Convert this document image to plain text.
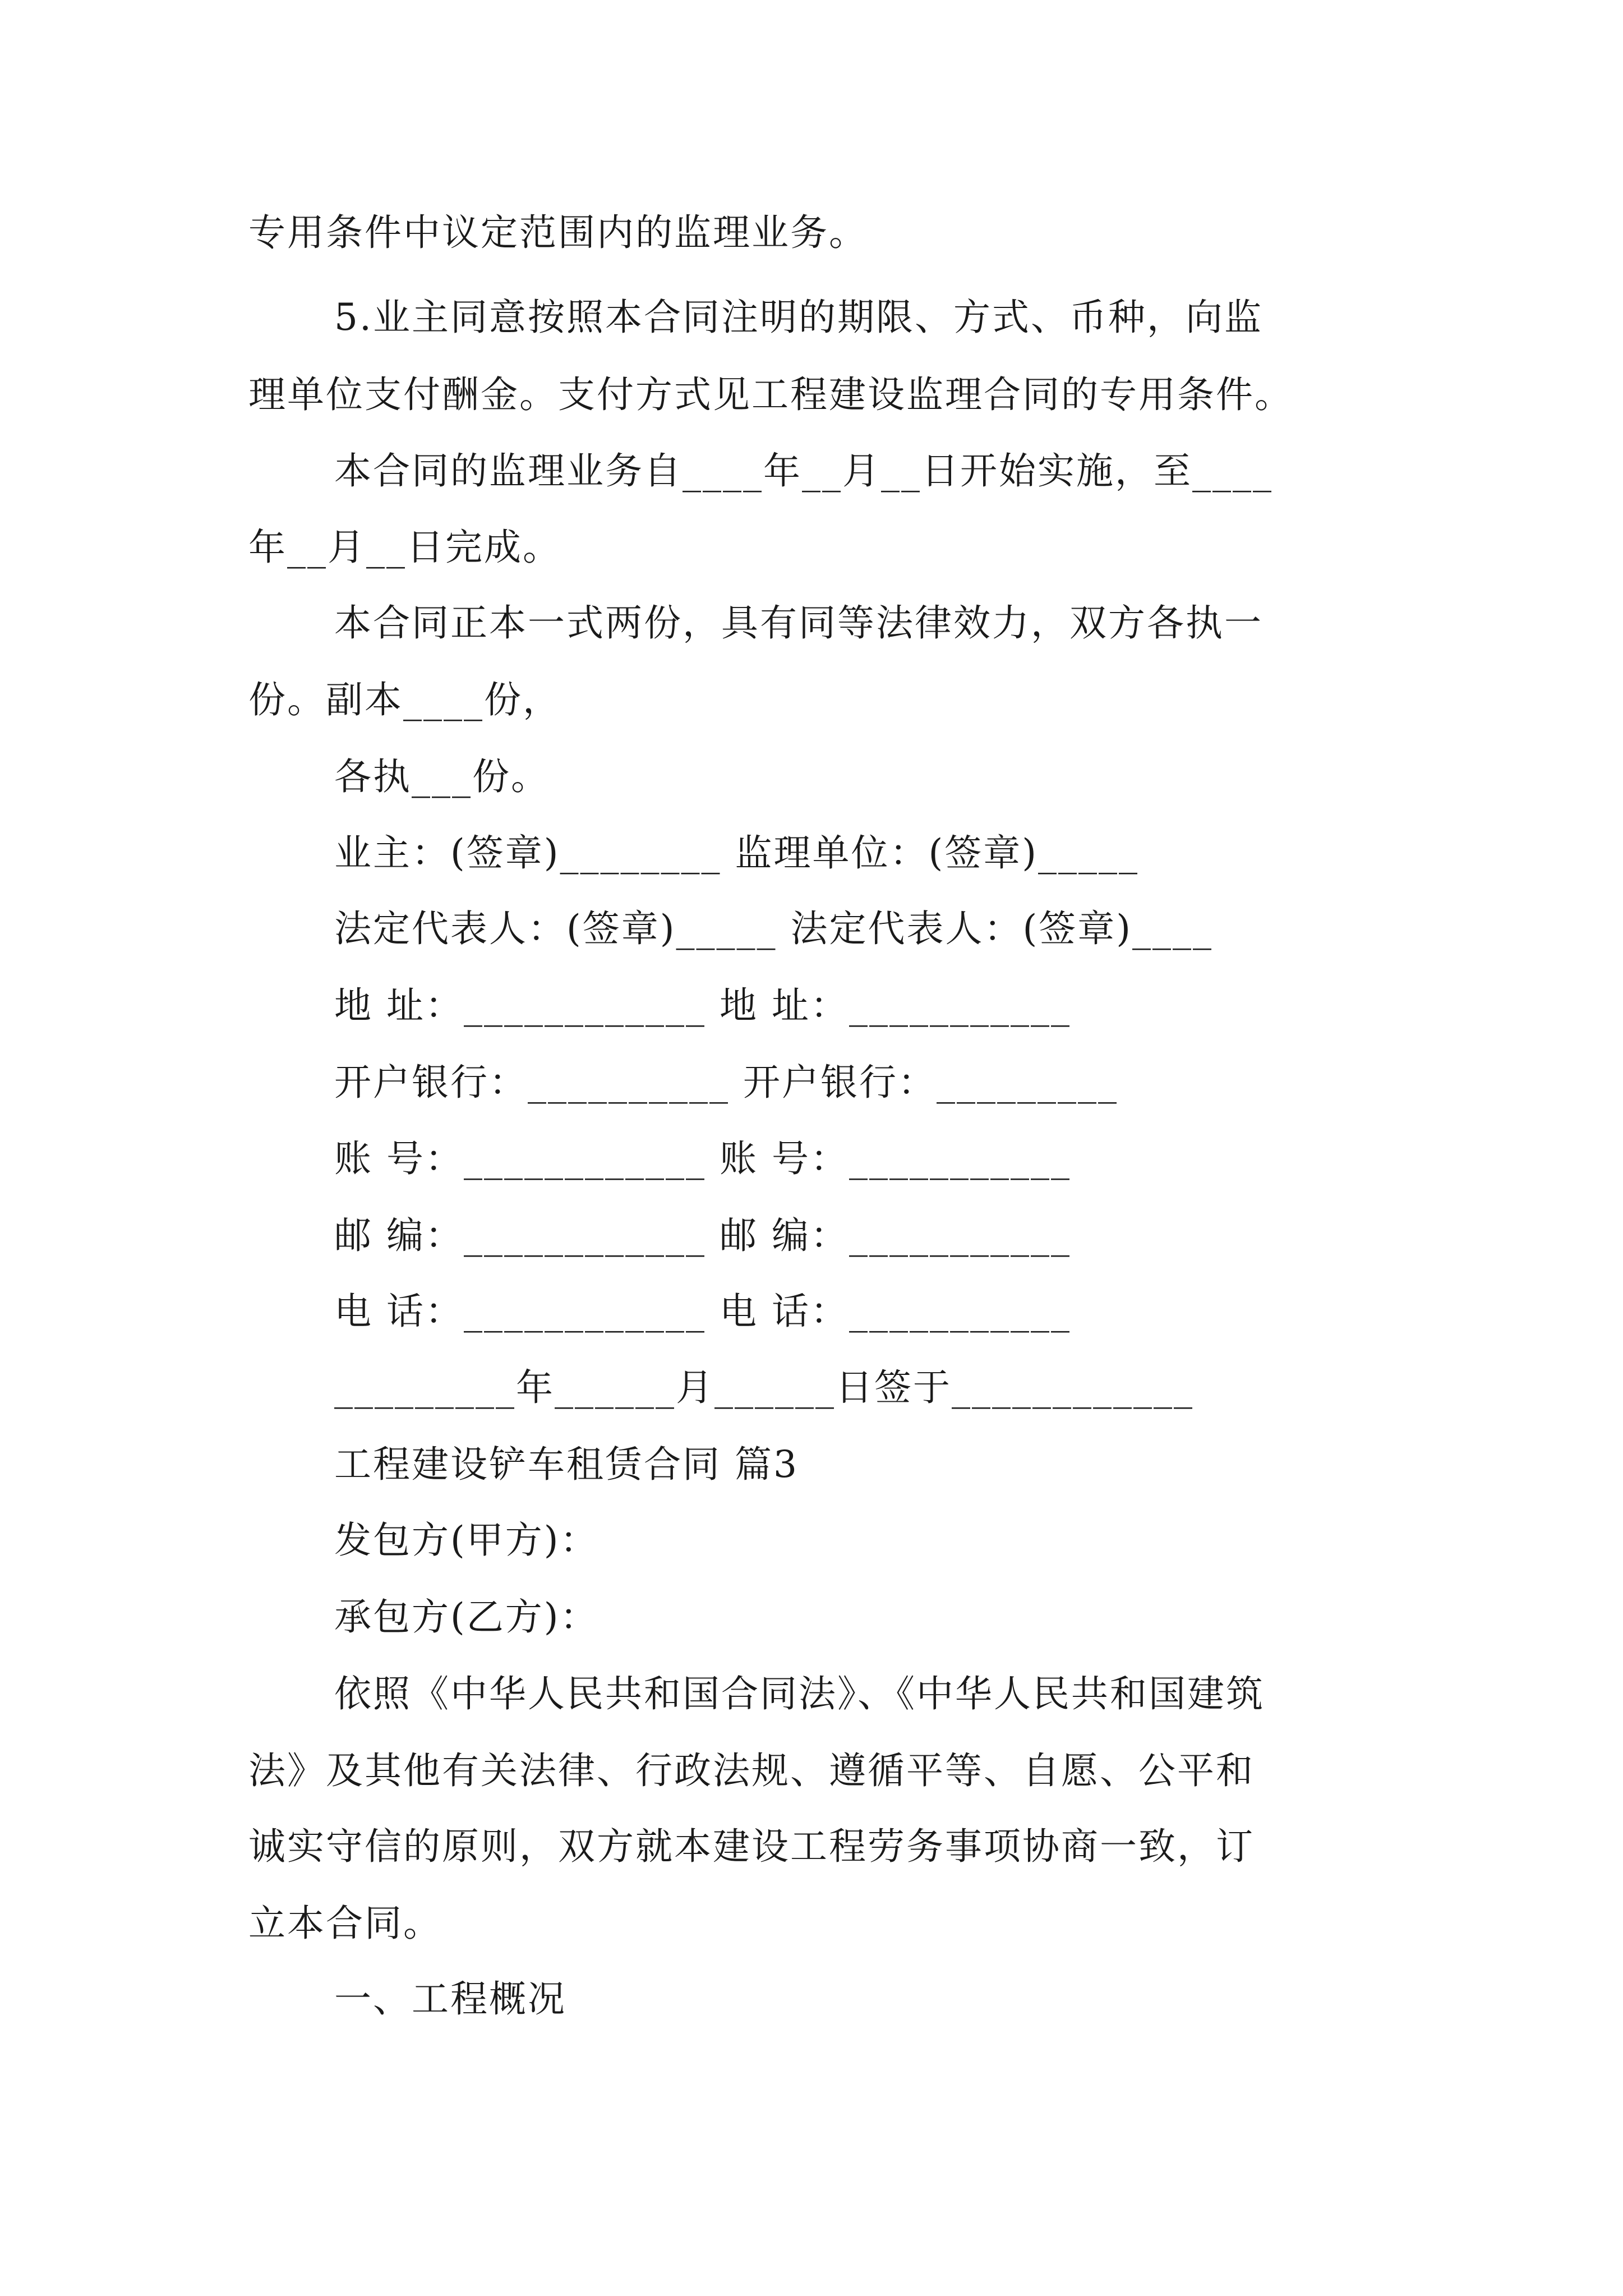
专用条件中议定范围内的监理业务。
5.业主同意按照本合同注明的期限、方式、币种，向监
理单位支付酬金。支付方式见工程建设监理合同的专用条件。
本合同的监理业务自____年__月__日开始实施，至____
年__月__日完成。
本合同正本一式两份，具有同等法律效力，双方各执一
份。副本____份，
各执___份。
业主：(签章)________ 监理单位：(签章)_____
法定代表人：(签章)_____ 法定代表人：(签章)____
地 址：____________ 地 址：___________
开户银行：__________ 开户银行：_________
账 号：____________ 账 号：___________
邮 编：____________ 邮 编：___________
电 话：____________ 电 话：___________
_________年______月______日签于____________
工程建设铲车租赁合同 篇3
发包方(甲方)：
承包方(乙方)：
依照《中华人民共和国合同法》、《中华人民共和国建筑
法》及其他有关法律、行政法规、遵循平等、自愿、公平和
诚实守信的原则，双方就本建设工程劳务事项协商一致，订
立本合同。
一、工程概况
